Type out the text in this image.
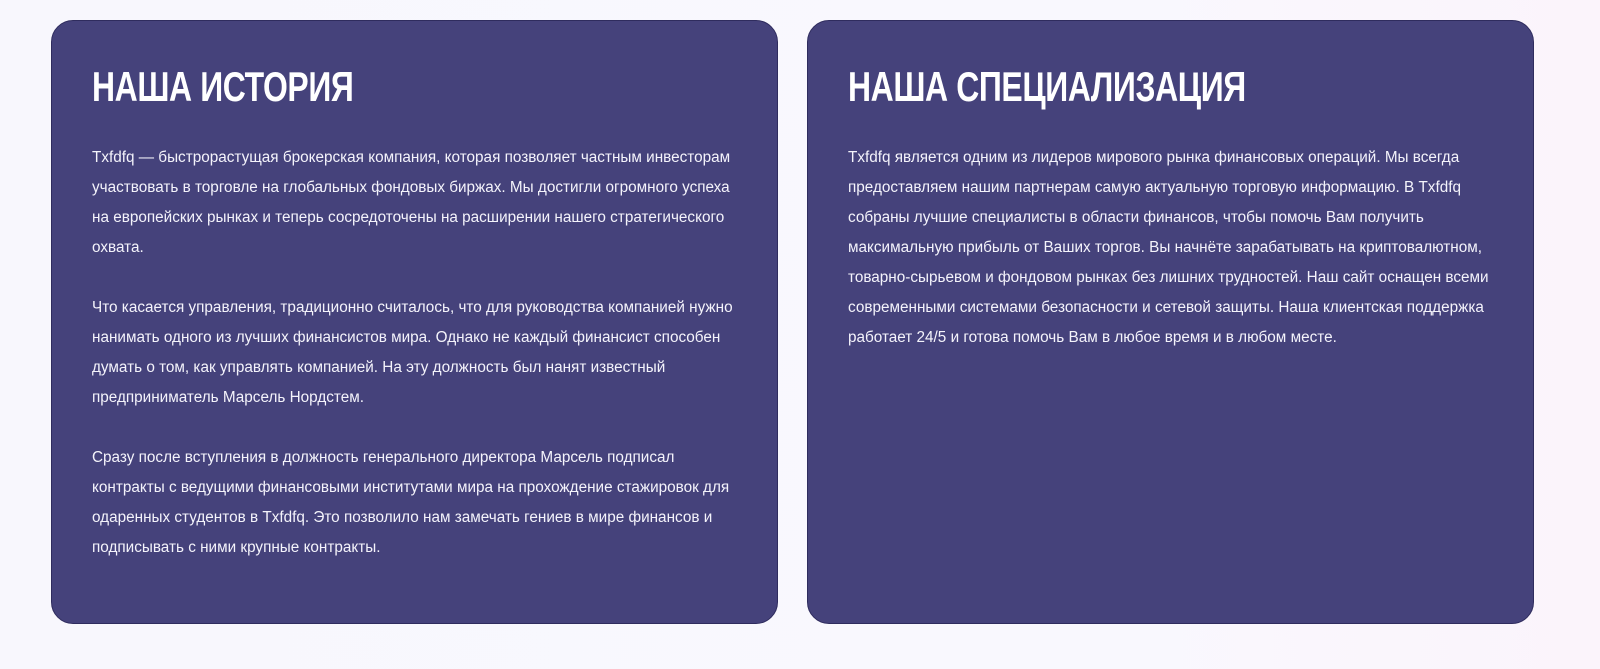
НАША ИСТОРИЯ

Txfdfq — быстрорастущая брокерская компания, которая позволяет частным инвесторам участвовать в торговле на глобальных фондовых биржах. Мы достигли огромного успеха на европейских рынках и теперь сосредоточены на расширении нашего стратегического охвата.

Что касается управления, традиционно считалось, что для руководства компанией нужно нанимать одного из лучших финансистов мира. Однако не каждый финансист способен думать о том, как управлять компанией. На эту должность был нанят известный предприниматель Марсель Нордстем.

Сразу после вступления в должность генерального директора Марсель подписал контракты с ведущими финансовыми институтами мира на прохождение стажировок для одаренных студентов в Txfdfq. Это позволило нам замечать гениев в мире финансов и подписывать с ними крупные контракты.

НАША СПЕЦИАЛИЗАЦИЯ

Txfdfq является одним из лидеров мирового рынка финансовых операций. Мы всегда предоставляем нашим партнерам самую актуальную торговую информацию. В Txfdfq собраны лучшие специалисты в области финансов, чтобы помочь Вам получить максимальную прибыль от Ваших торгов. Вы начнёте зарабатывать на криптовалютном, товарно-сырьевом и фондовом рынках без лишних трудностей. Наш сайт оснащен всеми современными системами безопасности и сетевой защиты. Наша клиентская поддержка работает 24/5 и готова помочь Вам в любое время и в любом месте.
